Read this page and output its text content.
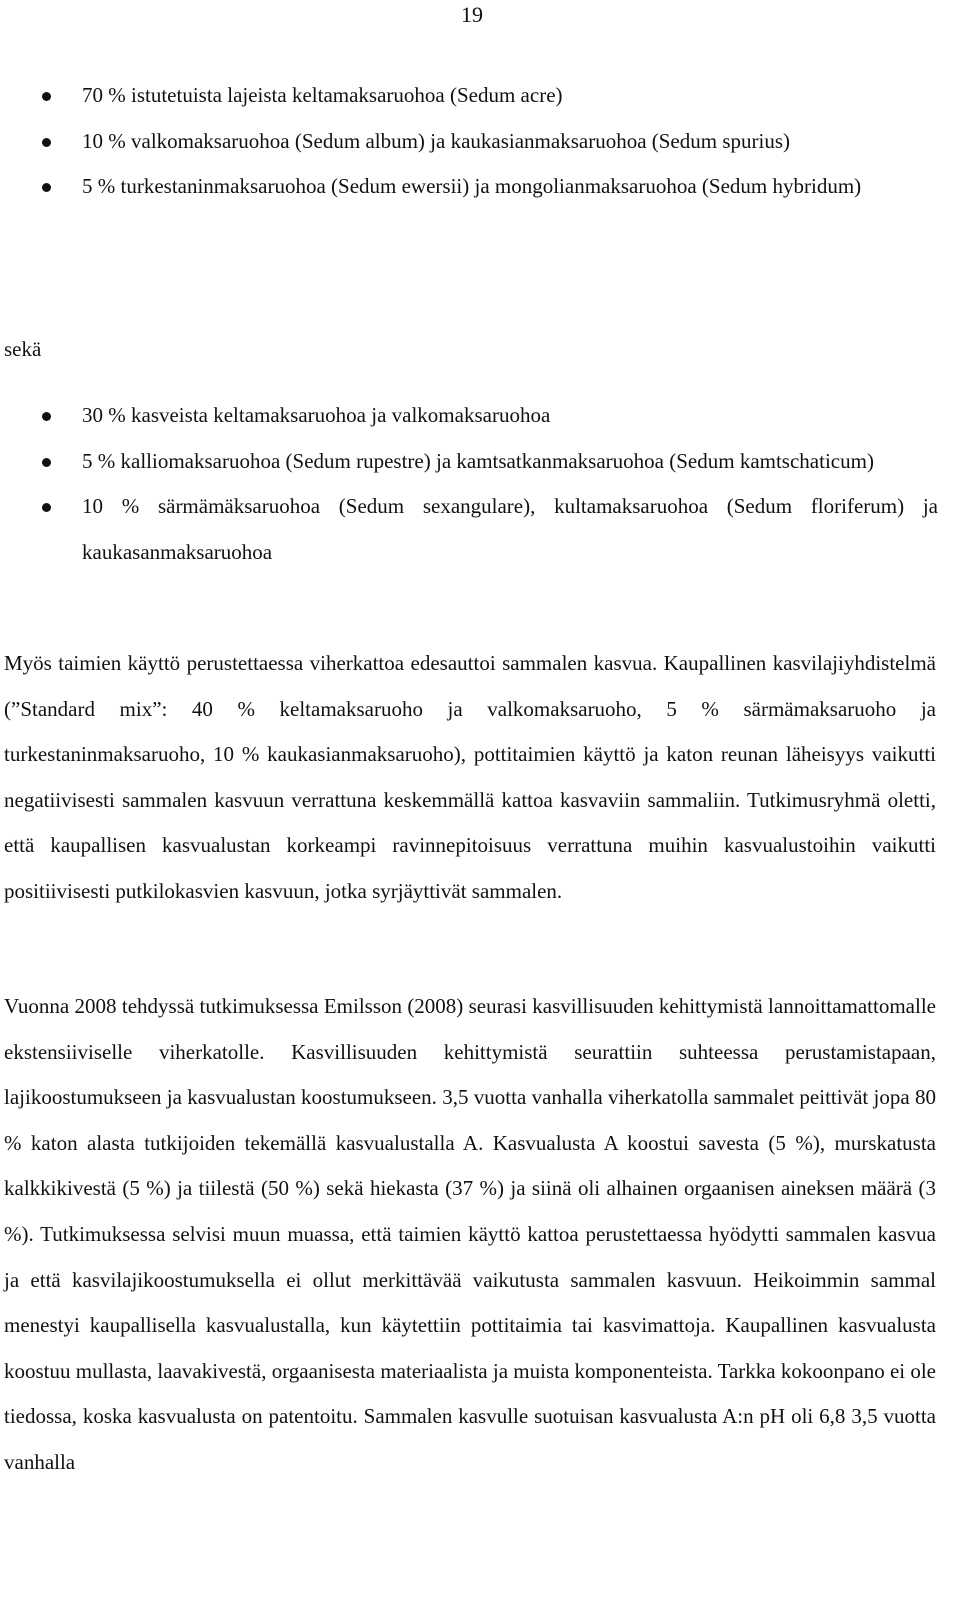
19
70 % istutetuista lajeista keltamaksaruohoa (Sedum acre)
10 % valkomaksaruohoa (Sedum album) ja kaukasianmaksaruohoa (Sedum spurius)
5 % turkestaninmaksaruohoa (Sedum ewersii) ja mongolianmaksaruohoa (Sedum hybridum)
sekä
30 % kasveista keltamaksaruohoa ja valkomaksaruohoa
5 % kalliomaksaruohoa (Sedum rupestre) ja kamtsatkanmaksaruohoa (Sedum kamtschaticum)
10 % särmämäksaruohoa (Sedum sexangulare), kultamaksaruohoa (Sedum floriferum) ja kaukasanmaksaruohoa

Myös taimien käyttö perustettaessa viherkattoa edesauttoi sammalen kasvua. Kaupallinen kasvilajiyhdistelmä (”Standard mix”: 40 % keltamaksaruoho ja valkomaksaruoho, 5 % särmämaksaruoho ja turkestaninmaksaruoho, 10 % kaukasianmaksaruoho), pottitaimien käyttö ja katon reunan läheisyys vaikutti negatiivisesti sammalen kasvuun verrattuna keskemmällä kattoa kasvaviin sammaliin. Tutkimusryhmä oletti, että kaupallisen kasvualustan korkeampi ravinnepitoisuus verrattuna muihin kasvualustoihin vaikutti positiivisesti putkilokasvien kasvuun, jotka syrjäyttivät sammalen.

Vuonna 2008 tehdyssä tutkimuksessa Emilsson (2008) seurasi kasvillisuuden kehittymistä lannoittamattomalle ekstensiiviselle viherkatolle. Kasvillisuuden kehittymistä seurattiin suhteessa perustamistapaan, lajikoostumukseen ja kasvualustan koostumukseen. 3,5 vuotta vanhalla viherkatolla sammalet peittivät jopa 80 % katon alasta tutkijoiden tekemällä kasvualustalla A. Kasvualusta A koostui savesta (5 %), murskatusta kalkkikivestä (5 %) ja tiilestä (50 %) sekä hiekasta (37 %) ja siinä oli alhainen orgaanisen aineksen määrä (3 %). Tutkimuksessa selvisi muun muassa, että taimien käyttö kattoa perustettaessa hyödytti sammalen kasvua ja että kasvilajikoostumuksella ei ollut merkittävää vaikutusta sammalen kasvuun. Heikoimmin sammal menestyi kaupallisella kasvualustalla, kun käytettiin pottitaimia tai kasvimattoja. Kaupallinen kasvualusta koostuu mullasta, laavakivestä, orgaanisesta materiaalista ja muista komponenteista. Tarkka kokoonpano ei ole tiedossa, koska kasvualusta on patentoitu. Sammalen kasvulle suotuisan kasvualusta A:n pH oli 6,8 3,5 vuotta vanhalla
